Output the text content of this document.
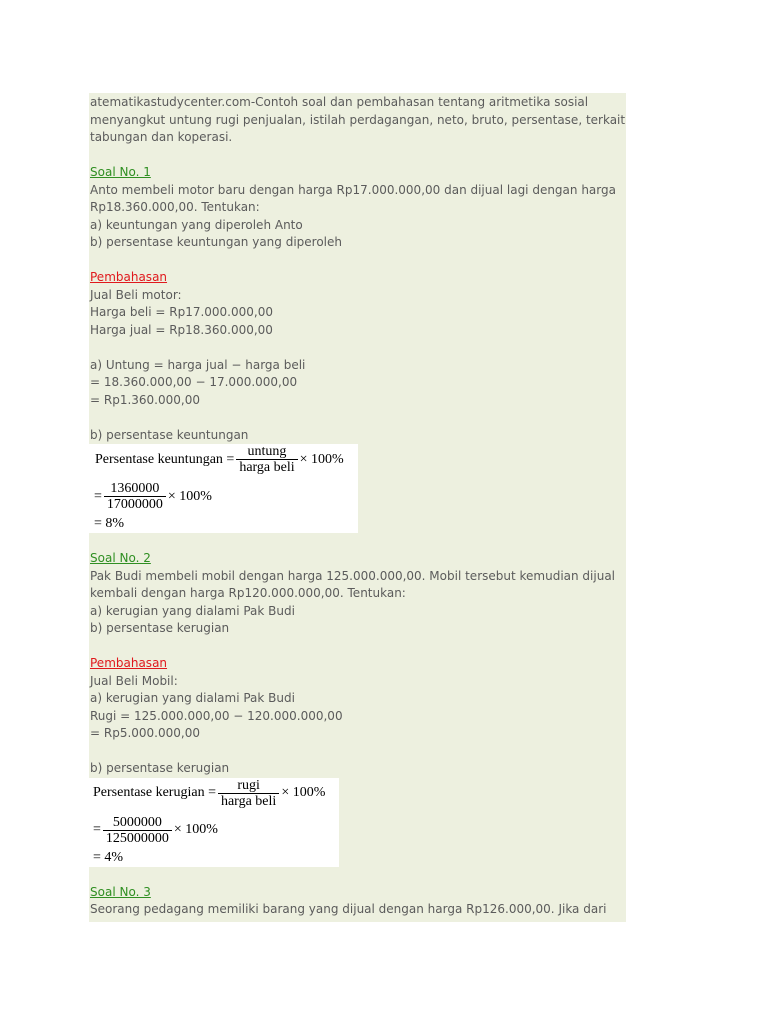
atematikastudycenter.com-Contoh soal dan pembahasan tentang aritmetika sosial
menyangkut untung rugi penjualan, istilah perdagangan, neto, bruto, persentase, terkait
tabungan dan koperasi.
Soal No. 1
Anto membeli motor baru dengan harga Rp17.000.000,00 dan dijual lagi dengan harga
Rp18.360.000,00. Tentukan:
a) keuntungan yang diperoleh Anto
b) persentase keuntungan yang diperoleh
Pembahasan
Jual Beli motor:
Harga beli = Rp17.000.000,00
Harga jual = Rp18.360.000,00
a) Untung = harga jual − harga beli
= 18.360.000,00 − 17.000.000,00
= Rp1.360.000,00
b) persentase keuntungan
Persentase keuntungan = $\frac{\text{untung}}{\text{harga beli}} \times 100\%$
= $\frac{1360000}{17000000} \times 100\%$
= 8%
Soal No. 2
Pak Budi membeli mobil dengan harga 125.000.000,00. Mobil tersebut kemudian dijual
kembali dengan harga Rp120.000.000,00. Tentukan:
a) kerugian yang dialami Pak Budi
b) persentase kerugian
Pembahasan
Jual Beli Mobil:
a) kerugian yang dialami Pak Budi
Rugi = 125.000.000,00 − 120.000.000,00
= Rp5.000.000,00
b) persentase kerugian
Persentase kerugian = $\frac{\text{rugi}}{\text{harga beli}} \times 100\%$
= $\frac{5000000}{125000000} \times 100\%$
= 4%
Soal No. 3
Seorang pedagang memiliki barang yang dijual dengan harga Rp126.000,00. Jika dari
